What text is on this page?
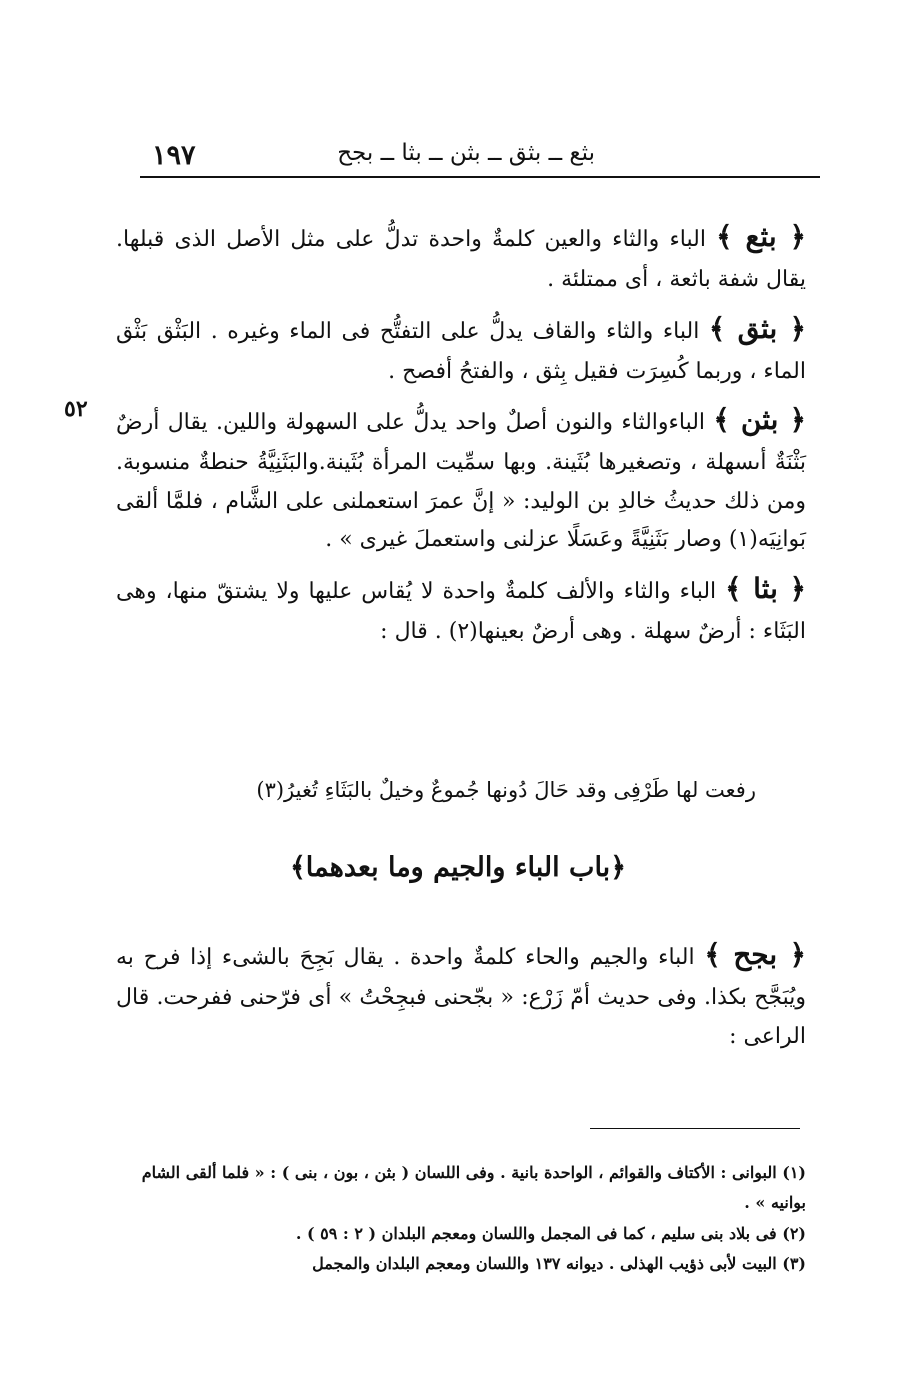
١٩٧	بثع ــ بثق ــ بثن ــ بثا ــ بجح
٥٢

﴿ بثع ﴾ الباء والثاء والعين كلمةٌ واحدة تدلُّ على مثل الأصل الذى قبلها. يقال شفة باثعة ، أى ممتلئة .

﴿ بثق ﴾ الباء والثاء والقاف يدلُّ على التفتُّح فى الماء وغيره . البَثْق بَثْق الماء ، وربما كُسِرَت فقيل بِثق ، والفتحُ أفصح .

﴿ بثن ﴾ الباءوالثاء والنون أصلٌ واحد يدلُّ على السهولة واللين. يقال أرضٌ بَثْنَةٌ أىسهلة ، وتصغيرها بُثَينة. وبها سمِّيت المرأة بُثَينة.والبَثَنِيَّةُ حنطةٌ منسوبة. ومن ذلك حديثُ خالدِ بن الوليد: « إنَّ عمرَ استعملنى على الشَّام ، فلمَّا ألقى بَوانِيَه(١) وصار بَثَنِيَّةً وعَسَلًا عزلنى واستعملَ غيرى » .

﴿ بثا ﴾ الباء والثاء والألف كلمةٌ واحدة لا يُقاس عليها ولا يشتقّ منها، وهى البَثَاء : أرضٌ سهلة . وهى أرضٌ بعينها(٢) . قال :

رفعت لها طَرْفِى وقد حَالَ دُونها جُموعٌ وخيلٌ بالبَثَاءِ تُغيرُ(٣)
﴿باب الباء والجيم وما بعدهما﴾

﴿ بجح ﴾ الباء والجيم والحاء كلمةٌ واحدة . يقال بَجِحَ بالشىء إذا فرح به ويُبَجَّح بكذا. وفى حديث أمّ زَرْع: « بجّحنى فبجِحْتُ » أى فرّحنى ففرحت. قال الراعى :

(١) البوانى : الأكتاف والقوائم ، الواحدة بانية . وفى اللسان ( بثن ، بون ، بنى ) : « فلما ألقى الشام بوانيه » .

(٢) فى بلاد بنى سليم ، كما فى المجمل واللسان ومعجم البلدان ( ٢ : ٥٩ ) .

(٣) البيت لأبى ذؤيب الهذلى . ديوانه ١٣٧ واللسان ومعجم البلدان والمجمل
